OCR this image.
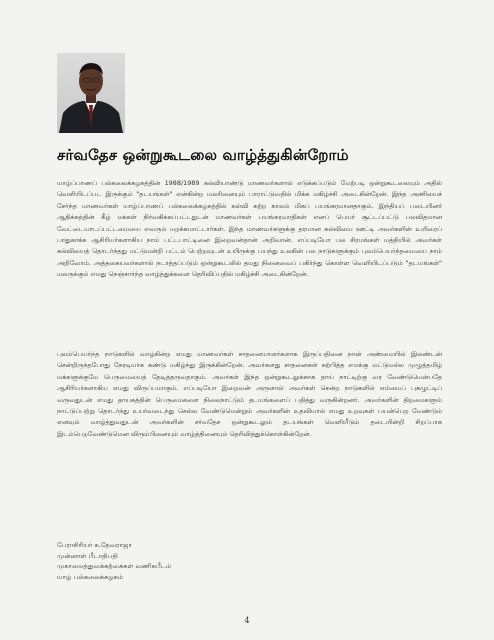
சர்வதேச ஒன்றுகூடலை வாழ்த்துகின்றோம்

யாழ்ப்பாணப் பல்கலைக்கழகத்தின் 1988/1989 கல்வியாண்டு மாணவர்களால் எடுக்கப்படும் மேற்படி ஒன்றுகூடலையும் அதில் வெளியிடப்பட இருக்கும் "தடயங்கள்" என்கின்ற மலரினையும் பாராட்டுவதில் மிக்க மகிழ்ச்சி அடைகின்றேன். இந்த அணியைச் சேர்ந்த மாணவர்கள் யாழ்ப்பாணப் பல்கலைக்கழகத்தில் கல்வி கற்ற காலம் மிகப் பயங்கரமானதாகும். இந்தியப் படையினர் ஆதிக்கத்தின் கீழ் மக்கள் நிர்வகிக்கப்பட்டதுடன் மாணவர்கள் பயங்கரவாதிகள் எனப் பெயர் சூட்டப்பட்டு பலவிதமான வேட்டையாடப்பட்டமையை எவரும் மறக்கமாட்டார்கள். இந்த மாணவர்களுக்கு தரமான கல்வியை ஊட்டி அவர்களின் உயிரைப் பாதுகாக்க ஆசிரியர்களாகிய நாம் பட்டபாட்டினை இறைவன்தான் அறிவான். எப்படியோ பல சிரமங்கள் மத்தியில் அவர்கள் கல்வியைத் தொடர்ந்தது மட்டுமன்றி பட்டம் பெற்றவுடன் உயிருக்கு பயந்து உலகின் பல நாடுகளுக்கும் புலம்பெயர்ந்தமையை நாம் அறிவோம். அத்தகையவர்களால் நடாத்தப்படும் ஒன்றுகூடலில் தமது நினைவைப் பகிர்ந்து கொள்ள வெளியிடப்படும் "தடயங்கள்" மலருக்கும் எமது நெஞ்சார்ந்த வாழ்த்துக்களை தெரிவிப்பதில் மகிழ்ச்சி அடைகின்றேன்.

புலம்பெயர்ந்த நாடுகளில் வாழ்கின்ற எமது மாணவர்கள் சாதனையாளர்களாக இருப்பதினை நான் அண்மையில் இலண்டன் சென்றிருந்தபோது நேரடியாக கண்டு மகிழ்ந்து இருக்கின்றேன். அவர்களது சாதனைகள் கற்பித்த எமக்கு மட்டுமல்ல முழுத்தமிழ் மக்களுக்குமே பெருமையைத் தேடித்தருவதாகும். அவர்கள் இந்த ஒன்றுகூடலுக்காக தாய் நாட்டிற்கு வர வேண்டுமென்பதே ஆசிரியர்களாகிய எமது விருப்பமாகும். எப்படியோ இறைவன் அருளால் அவர்கள் சென்ற நாடுகளில் எம்மைப் புகழுட்டிப் வருவதுடன் எமது தாயகத்தின் பெருமைகளை நிலைநாட்டும் தடயங்களைப் பதித்து வருகின்றனர். அவர்களின் திறமைகளும் நாட்டுப்பற்று தொடர்ந்து உயர்வடைந்து செல்ல வேண்டுமென்றும் அவர்களின் உதவியால் எமது உறவுகள் பயன்பெற வேண்டும் எனவும் வாழ்த்துவதுடன் அவர்களின் சர்வதேச ஒன்றுகூடலும் தடயங்கள் வெளியீடும் தடையின்றி சிறப்பாக இடம்பெறவேண்டுமென விரும்பினையும் வாழ்த்தினையும் தெரிவித்துக்கொள்கின்றேன்.

பேராசிரியர் க.தேவராஜா
முன்னாள் பீடாதிபதி
முகாமைத்துவக்கற்கைகள் வணிகபீடம்
யாழ் பல்கலைக்கழகம்
4
